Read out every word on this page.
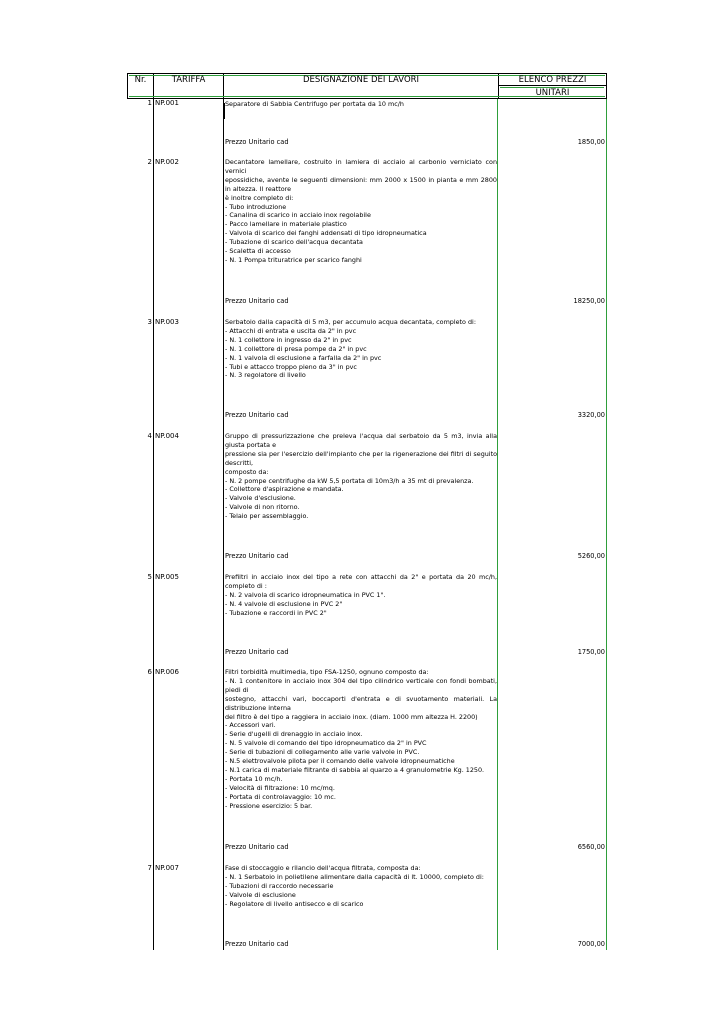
Nr.	TARIFFA	DESIGNAZIONE DEI LAVORI	ELENCO PREZZI
UNITARI
1 NP.001	Separatore di Sabbia Centrifugo per portata da 10 mc/h
Prezzo Unitario cad	1850,00
2 NP.002	Decantatore lamellare, costruito in lamiera di acciaio al carbonio verniciato con vernici
epossidiche, avente le seguenti dimensioni: mm 2000 x 1500 in pianta e mm 2800 in altezza. Il reattore
è inoltre completo di:
- Tubo introduzione
- Canalina di scarico in acciaio inox regolabile
- Pacco lamellare in materiale plastico
- Valvola di scarico dei fanghi addensati di tipo idropneumatica
- Tubazione di scarico dell'acqua decantata
- Scaletta di accesso
- N. 1 Pompa trituratrice per scarico fanghi
Prezzo Unitario cad	18250,00
3 NP.003	Serbatoio dalla capacità di 5 m3, per accumulo acqua decantata, completo di:
- Attacchi di entrata e uscita da 2" in pvc
- N. 1 collettore in ingresso da 2" in pvc
- N. 1 collettore di presa pompe da 2" in pvc
- N. 1 valvola di esclusione a farfalla da 2" in pvc
- Tubi e attacco troppo pieno da 3" in pvc
- N. 3 regolatore di livello
Prezzo Unitario cad	3320,00
4 NP.004	Gruppo di pressurizzazione che preleva l'acqua dal serbatoio da 5 m3, invia alla giusta portata e
pressione sia per l'esercizio dell'impianto che per la rigenerazione dei filtri di seguito descritti,
composto da:
- N. 2 pompe centrifughe da kW 5,5 portata di 10m3/h a 35 mt di prevalenza.
- Collettore d'aspirazione e mandata.
- Valvole d'esclusione.
- Valvole di non ritorno.
- Telaio per assemblaggio.
Prezzo Unitario cad	5260,00
5 NP.005	Prefiltri in acciaio inox del tipo a rete con attacchi da 2" e portata da 20 mc/h, completo di :
- N. 2 valvola di scarico idropneumatica in PVC 1".
- N. 4 valvole di esclusione in PVC 2"
- Tubazione e raccordi in PVC 2"
Prezzo Unitario cad	1750,00
6 NP.006	Filtri torbidità multimedia, tipo FSA-1250, ognuno composto da:
- N. 1 contenitore in acciaio inox 304 del tipo cilindrico verticale con fondi bombati, piedi di
sostegno, attacchi vari, boccaporti d'entrata e di svuotamento materiali. La distribuzione interna
del filtro è del tipo a raggiera in acciaio inox. (diam. 1000 mm altezza H. 2200)
- Accessori vari.
- Serie d'ugelli di drenaggio in acciaio inox.
- N. 5 valvole di comando del tipo idropneumatico da 2" in PVC
- Serie di tubazioni di collegamento alle varie valvole in PVC.
- N.5 elettrovalvole pilota per il comando delle valvole idropneumatiche
- N.1 carica di materiale filtrante di sabbia al quarzo a 4 granulometrie Kg. 1250.
- Portata 10 mc/h.
- Velocità di filtrazione: 10 mc/mq.
- Portata di controlavaggio: 10 mc.
- Pressione esercizio: 5 bar.
Prezzo Unitario cad	6560,00
7 NP.007	Fase di stoccaggio e rilancio dell'acqua filtrata, composta da:
- N. 1 Serbatoio in polietilene alimentare dalla capacità di lt. 10000, completo di:
- Tubazioni di raccordo necessarie
- Valvole di esclusione
- Regolatore di livello antisecco e di scarico
Prezzo Unitario cad	7000,00
